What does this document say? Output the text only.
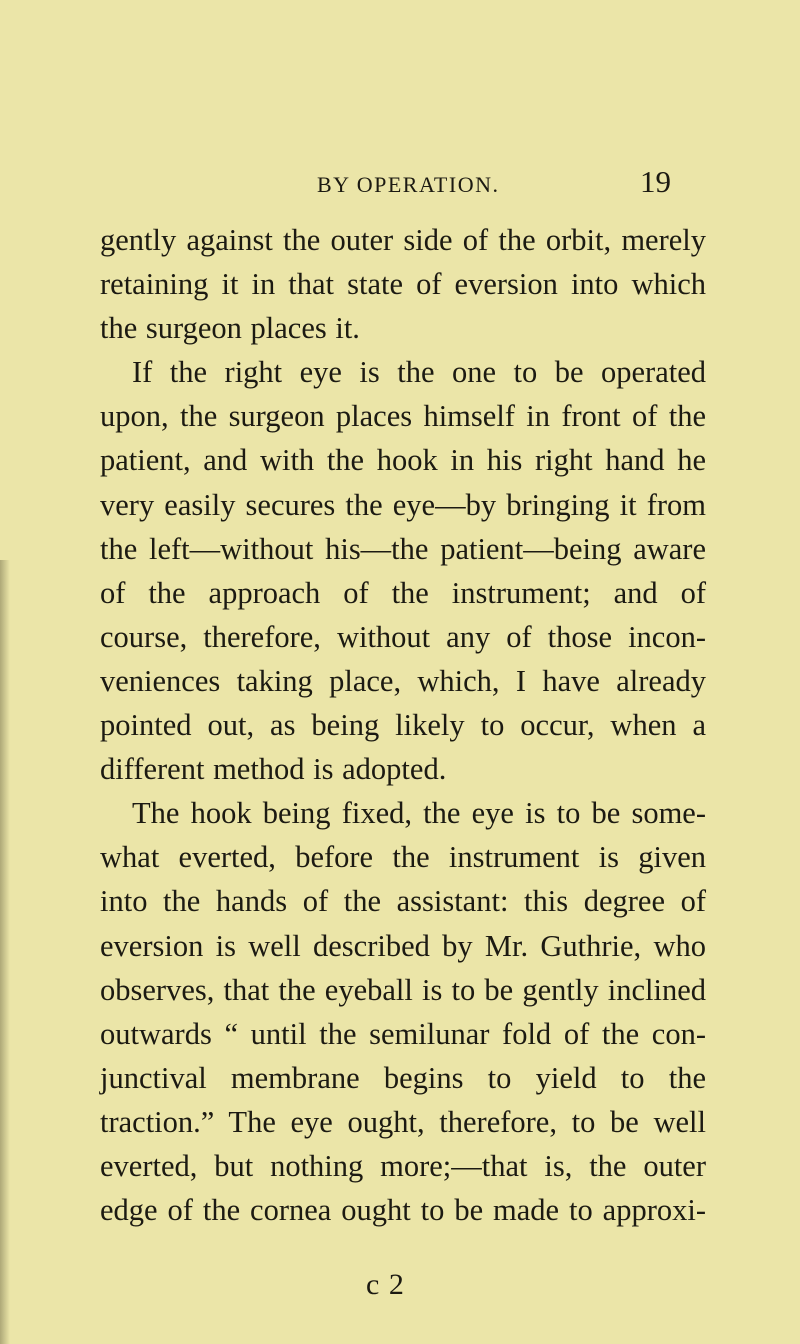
BY OPERATION.	19
gently against the outer side of the orbit, merely
retaining it in that state of eversion into which
the surgeon places it.
If the right eye is the one to be operated
upon, the surgeon places himself in front of the
patient, and with the hook in his right hand he
very easily secures the eye—by bringing it from
the left—without his—the patient—being aware
of the approach of the instrument; and of
course, therefore, without any of those incon-
veniences taking place, which, I have already
pointed out, as being likely to occur, when a
different method is adopted.
The hook being fixed, the eye is to be some-
what everted, before the instrument is given
into the hands of the assistant: this degree of
eversion is well described by Mr. Guthrie, who
observes, that the eyeball is to be gently inclined
outwards “ until the semilunar fold of the con-
junctival membrane begins to yield to the
traction.” The eye ought, therefore, to be well
everted, but nothing more;—that is, the outer
edge of the cornea ought to be made to approxi-
c 2
